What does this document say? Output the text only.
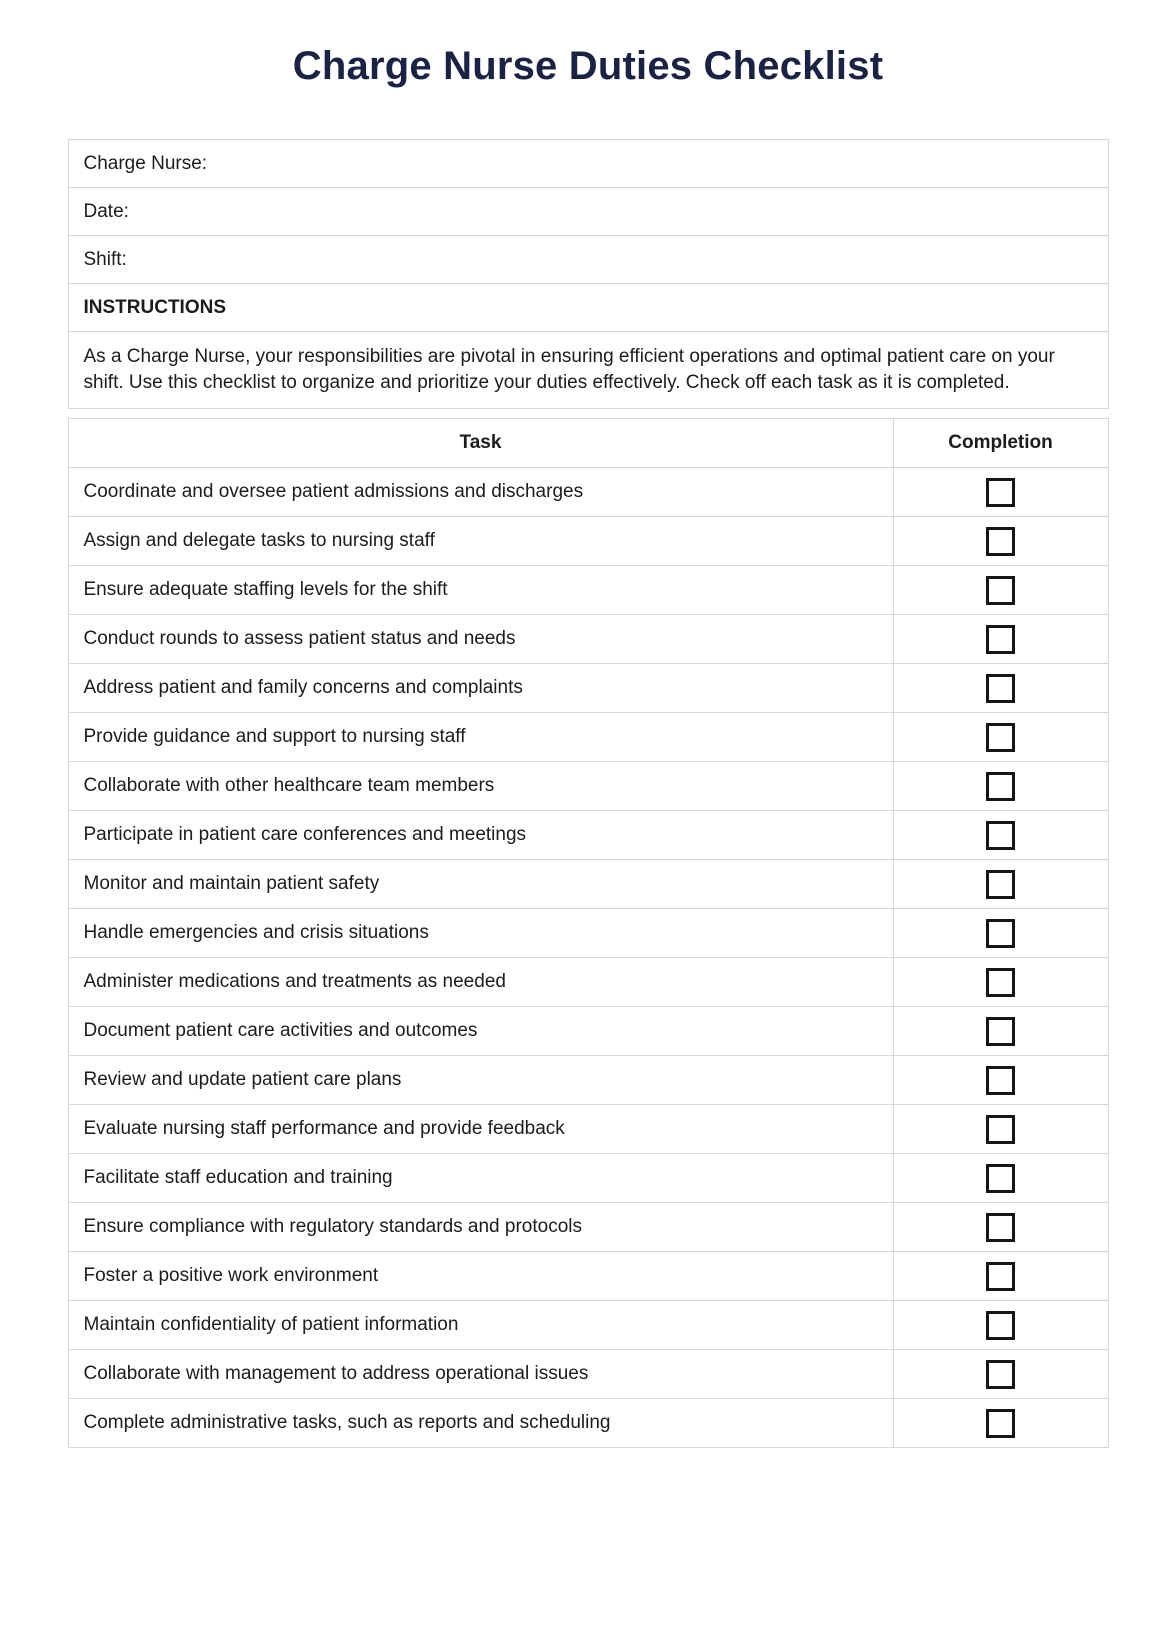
Charge Nurse Duties Checklist
Charge Nurse:
Date:
Shift:
INSTRUCTIONS
As a Charge Nurse, your responsibilities are pivotal in ensuring efficient operations and optimal patient care on your shift. Use this checklist to organize and prioritize your duties effectively. Check off each task as it is completed.
Task	Completion
Coordinate and oversee patient admissions and discharges	
Assign and delegate tasks to nursing staff	
Ensure adequate staffing levels for the shift	
Conduct rounds to assess patient status and needs	
Address patient and family concerns and complaints	
Provide guidance and support to nursing staff	
Collaborate with other healthcare team members	
Participate in patient care conferences and meetings	
Monitor and maintain patient safety	
Handle emergencies and crisis situations	
Administer medications and treatments as needed	
Document patient care activities and outcomes	
Review and update patient care plans	
Evaluate nursing staff performance and provide feedback	
Facilitate staff education and training	
Ensure compliance with regulatory standards and protocols	
Foster a positive work environment	
Maintain confidentiality of patient information	
Collaborate with management to address operational issues	
Complete administrative tasks, such as reports and scheduling	
